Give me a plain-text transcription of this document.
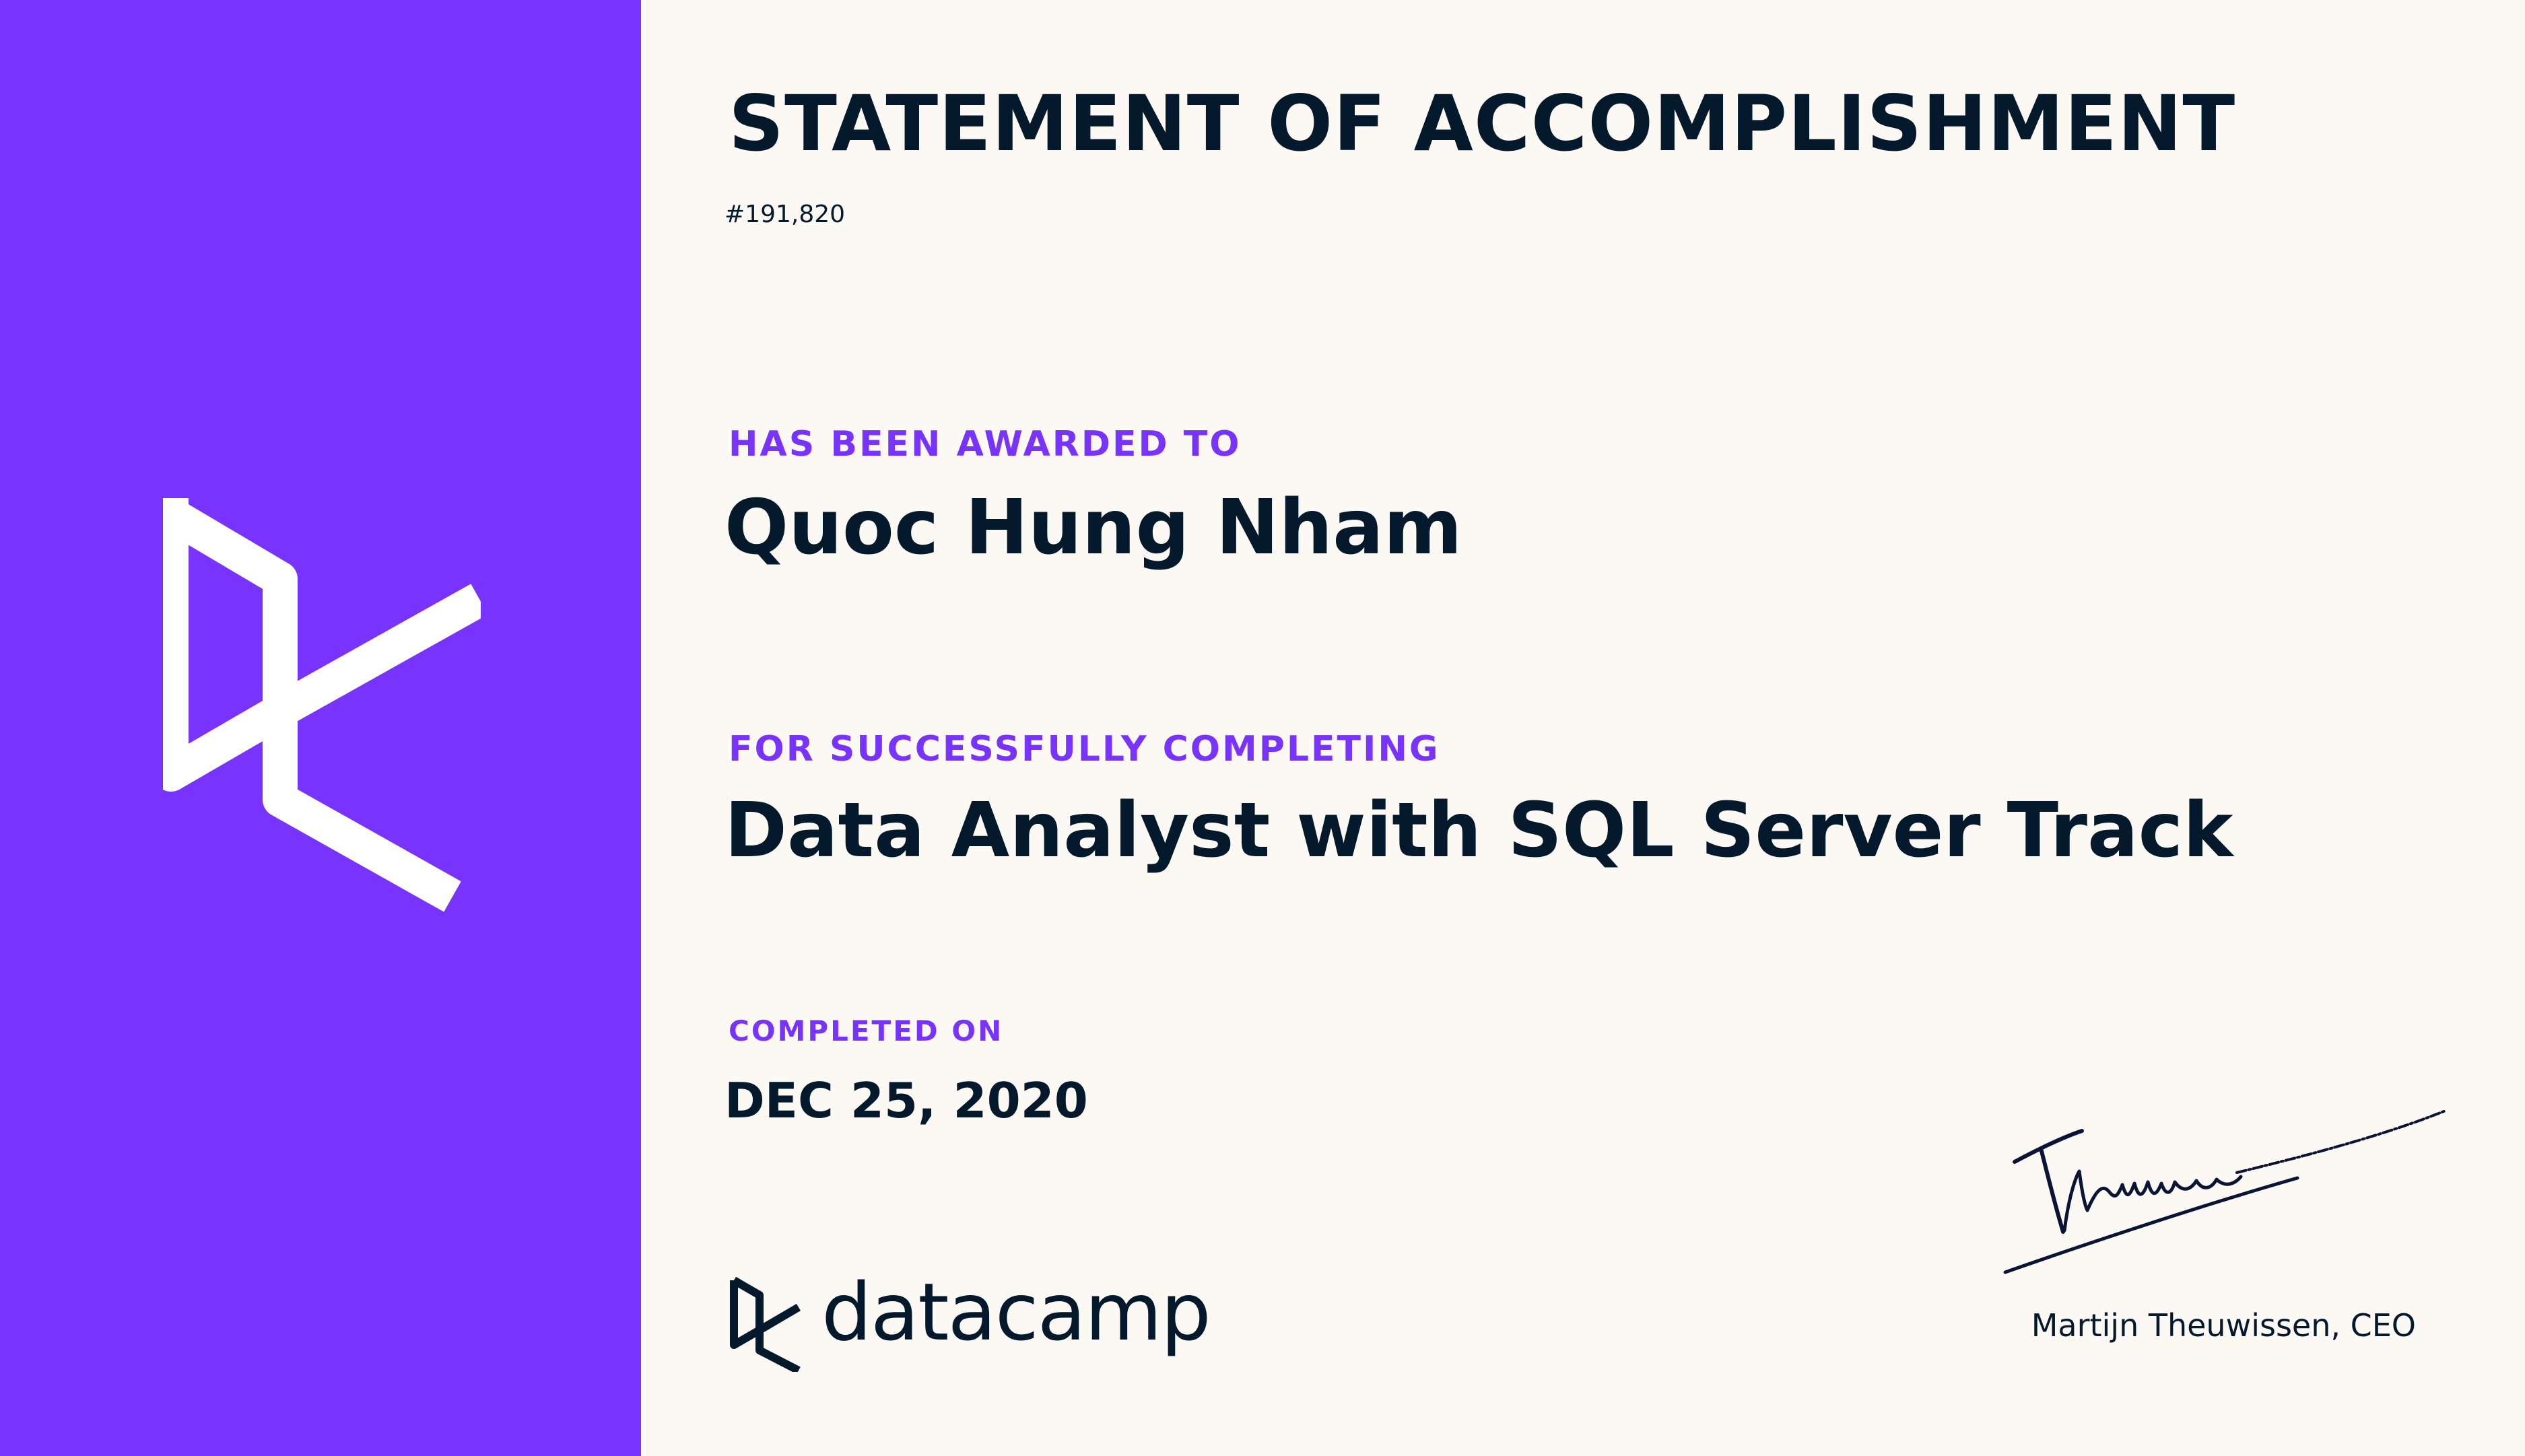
STATEMENT OF ACCOMPLISHMENT
#191,820
HAS BEEN AWARDED TO
Quoc Hung Nham
FOR SUCCESSFULLY COMPLETING
Data Analyst with SQL Server Track
COMPLETED ON
DEC 25, 2020
datacamp	Martijn Theuwissen, CEO
